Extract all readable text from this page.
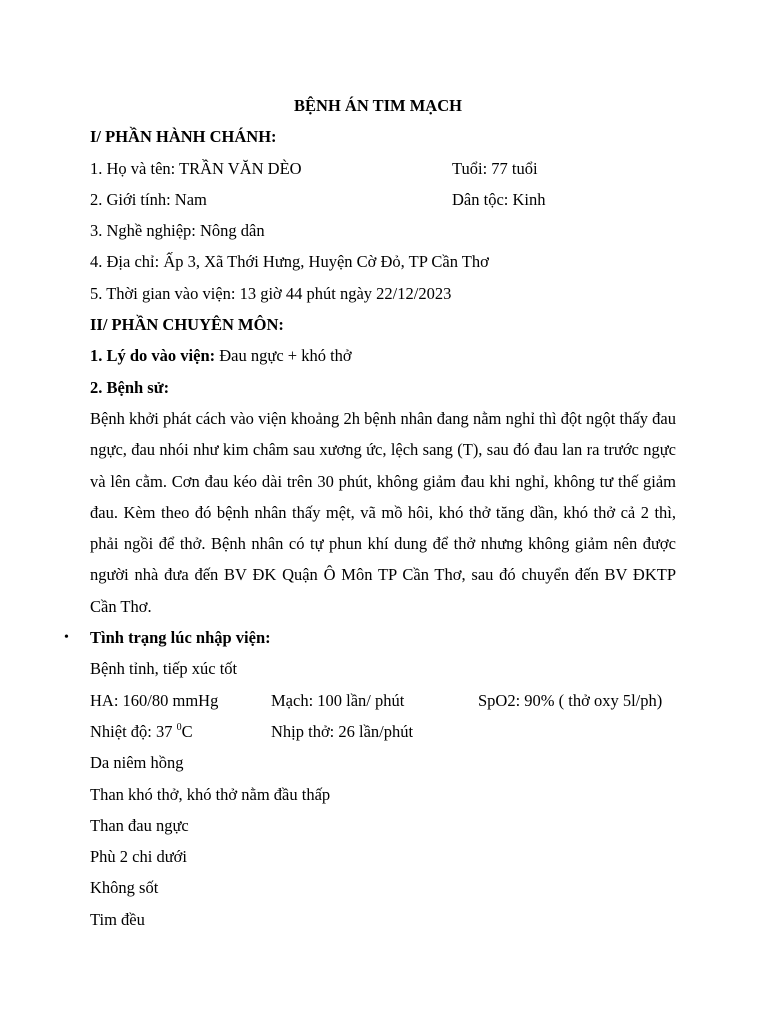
BỆNH ÁN TIM MẠCH
I/ PHẦN HÀNH CHÁNH:
1. Họ và tên: TRẦN VĂN DÈO	Tuổi: 77 tuổi
2. Giới tính: Nam	Dân tộc: Kinh
3. Nghề nghiệp: Nông dân
4. Địa chỉ: Ấp 3, Xã Thới Hưng, Huyện Cờ Đỏ, TP Cần Thơ
5. Thời gian vào viện: 13 giờ 44 phút ngày 22/12/2023
II/ PHẦN CHUYÊN MÔN:
1. Lý do vào viện: Đau ngực + khó thở
2. Bệnh sử:
Bệnh khởi phát cách vào viện khoảng 2h bệnh nhân đang nằm nghỉ thì đột ngột thấy đau ngực, đau nhói như kim châm sau xương ức, lệch sang (T), sau đó đau lan ra trước ngực và lên cằm. Cơn đau kéo dài trên 30 phút, không giảm đau khi nghỉ, không tư thế giảm đau. Kèm theo đó bệnh nhân thấy mệt, vã mồ hôi, khó thở tăng dần, khó thở cả 2 thì, phải ngồi để thở. Bệnh nhân có tự phun khí dung để thở nhưng không giảm nên được người nhà đưa đến BV ĐK Quận Ô Môn TP Cần Thơ, sau đó chuyển đến BV ĐKTP Cần Thơ.
• Tình trạng lúc nhập viện:
Bệnh tỉnh, tiếp xúc tốt
HA: 160/80 mmHg	Mạch: 100 lần/ phút	SpO2: 90% ( thở oxy 5l/ph)
Nhiệt độ: 37 $^0$C	Nhịp thở: 26 lần/phút
Da niêm hồng
Than khó thở, khó thở nằm đầu thấp
Than đau ngực
Phù 2 chi dưới
Không sốt
Tim đều
